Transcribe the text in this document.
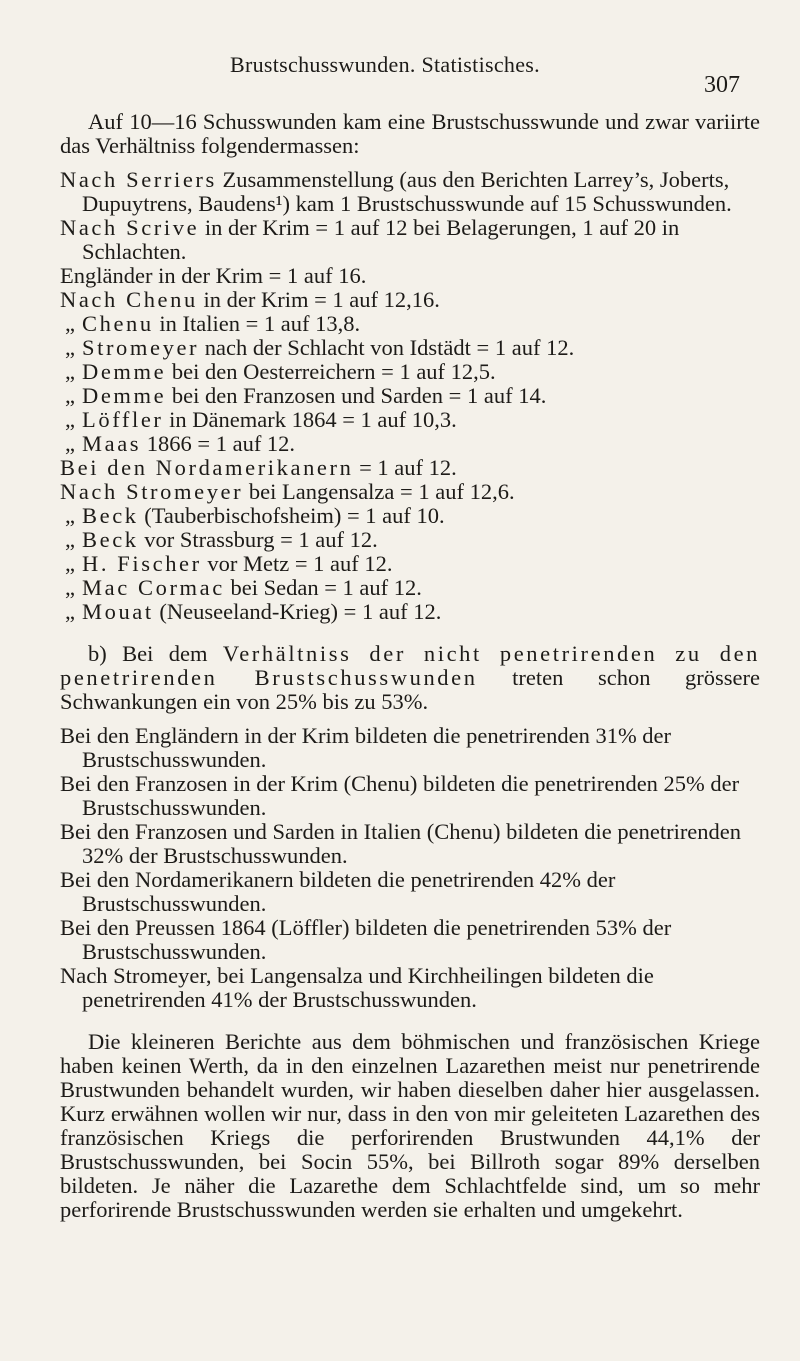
Brustschusswunden. Statistisches.
307

Auf 10—16 Schusswunden kam eine Brustschusswunde und zwar variirte das Verhältniss folgendermassen:

Nach Serriers Zusammenstellung (aus den Berichten Larrey’s, Joberts, Dupuytrens, Baudens¹) kam 1 Brustschusswunde auf 15 Schusswunden.

Nach Scrive in der Krim = 1 auf 12 bei Belagerungen, 1 auf 20 in Schlachten.

Engländer in der Krim = 1 auf 16.

Nach Chenu in der Krim = 1 auf 12,16.

„ Chenu in Italien = 1 auf 13,8.

„ Stromeyer nach der Schlacht von Idstädt = 1 auf 12.

„ Demme bei den Oesterreichern = 1 auf 12,5.

„ Demme bei den Franzosen und Sarden = 1 auf 14.

„ Löffler in Dänemark 1864 = 1 auf 10,3.

„ Maas 1866 = 1 auf 12.

Bei den Nordamerikanern = 1 auf 12.

Nach Stromeyer bei Langensalza = 1 auf 12,6.

„ Beck (Tauberbischofsheim) = 1 auf 10.

„ Beck vor Strassburg = 1 auf 12.

„ H. Fischer vor Metz = 1 auf 12.

„ Mac Cormac bei Sedan = 1 auf 12.

„ Mouat (Neuseeland-Krieg) = 1 auf 12.

b) Bei dem Verhältniss der nicht penetrirenden zu den penetrirenden Brustschusswunden treten schon grössere Schwankungen ein von 25% bis zu 53%.

Bei den Engländern in der Krim bildeten die penetrirenden 31% der Brustschusswunden.

Bei den Franzosen in der Krim (Chenu) bildeten die penetrirenden 25% der Brustschusswunden.

Bei den Franzosen und Sarden in Italien (Chenu) bildeten die penetrirenden 32% der Brustschusswunden.

Bei den Nordamerikanern bildeten die penetrirenden 42% der Brustschusswunden.

Bei den Preussen 1864 (Löffler) bildeten die penetrirenden 53% der Brustschusswunden.

Nach Stromeyer, bei Langensalza und Kirchheilingen bildeten die penetrirenden 41% der Brustschusswunden.

Die kleineren Berichte aus dem böhmischen und französischen Kriege haben keinen Werth, da in den einzelnen Lazarethen meist nur penetrirende Brustwunden behandelt wurden, wir haben dieselben daher hier ausgelassen. Kurz erwähnen wollen wir nur, dass in den von mir geleiteten Lazarethen des französischen Kriegs die perforirenden Brustwunden 44,1% der Brustschusswunden, bei Socin 55%, bei Billroth sogar 89% derselben bildeten. Je näher die Lazarethe dem Schlachtfelde sind, um so mehr perforirende Brustschusswunden werden sie erhalten und umgekehrt.
